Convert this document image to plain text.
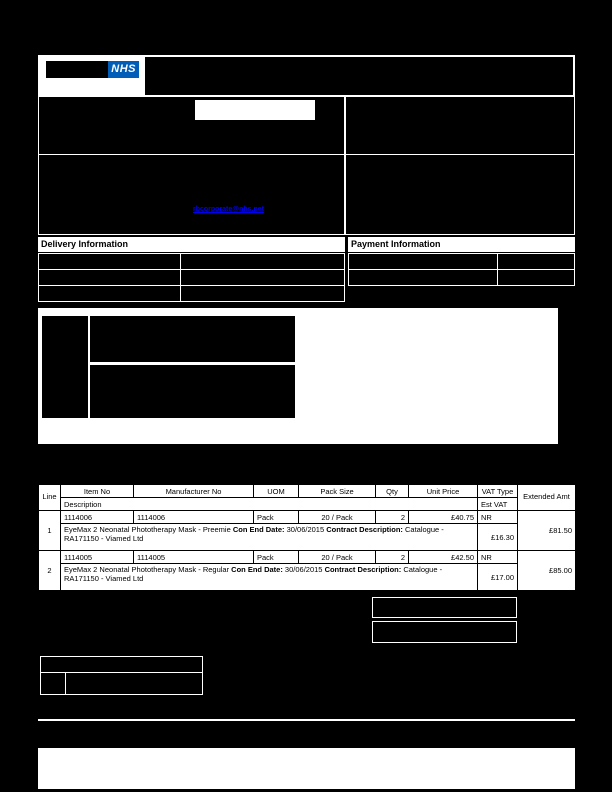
NHS
rbcorporate@nhs.net
Delivery Information	Payment Information
Line	Item No	Manufacturer No	UOM	Pack Size	Qty	Unit Price	VAT Type	Extended Amt
	Description						Est VAT	
1	1114006	1114006	Pack	20 / Pack	2	£40.75	NR	£81.50
	EyeMax 2 Neonatal Phototherapy Mask - Preemie Con End Date: 30/06/2015 Contract Description: Catalogue - RA171150 - Viamed Ltd						£16.30	
2	1114005	1114005	Pack	20 / Pack	2	£42.50	NR	£85.00
	EyeMax 2 Neonatal Phototherapy Mask - Regular Con End Date: 30/06/2015 Contract Description: Catalogue - RA171150 - Viamed Ltd						£17.00	
